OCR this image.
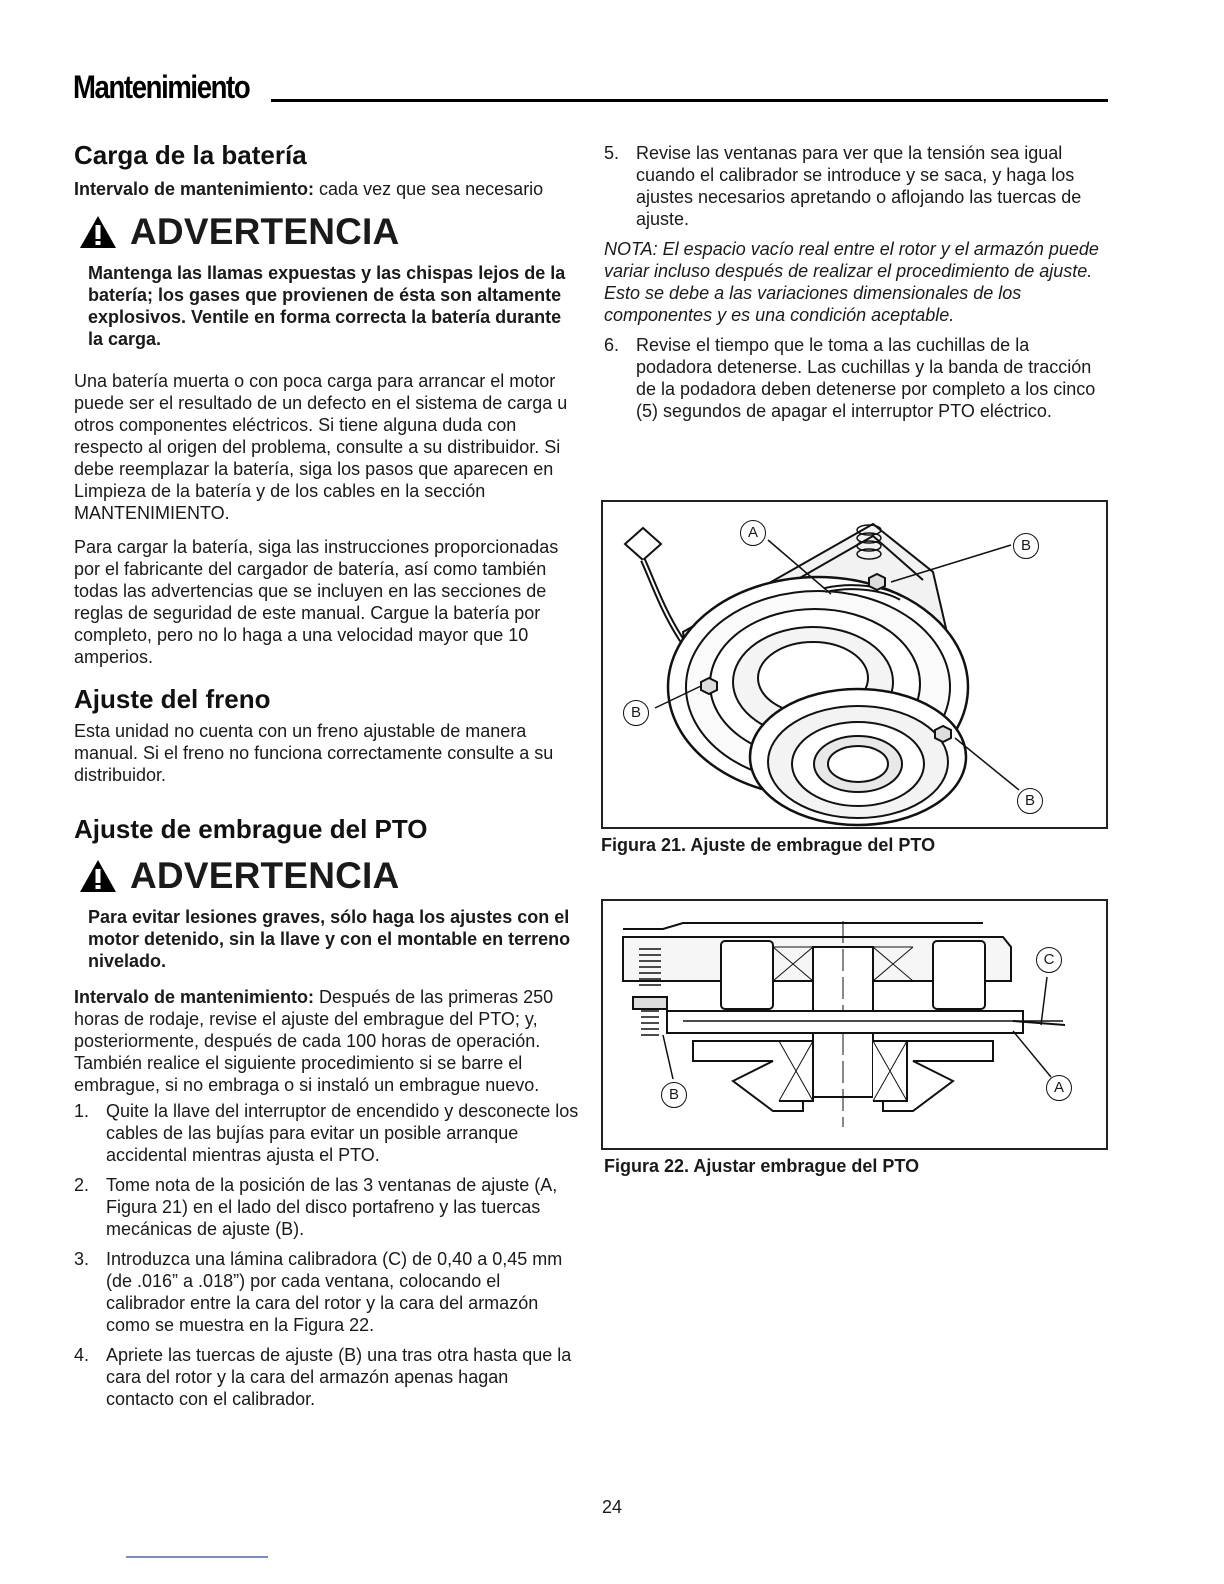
Mantenimiento
Carga de la batería

Intervalo de mantenimiento: cada vez que sea necesario

ADVERTENCIA

Mantenga las llamas expuestas y las chispas lejos de la batería; los gases que provienen de ésta son altamente explosivos. Ventile en forma correcta la batería durante la carga.

Una batería muerta o con poca carga para arrancar el motor puede ser el resultado de un defecto en el sistema de carga u otros componentes eléctricos. Si tiene alguna duda con respecto al origen del problema, consulte a su distribuidor. Si debe reemplazar la batería, siga los pasos que aparecen en Limpieza de la batería y de los cables en la sección MANTENIMIENTO.

Para cargar la batería, siga las instrucciones proporcionadas por el fabricante del cargador de batería, así como también todas las advertencias que se incluyen en las secciones de reglas de seguridad de este manual. Cargue la batería por completo, pero no lo haga a una velocidad mayor que 10 amperios.

Ajuste del freno

Esta unidad no cuenta con un freno ajustable de manera manual. Si el freno no funciona correctamente consulte a su distribuidor.

Ajuste de embrague del PTO
ADVERTENCIA

Para evitar lesiones graves, sólo haga los ajustes con el motor detenido, sin la llave y con el montable en terreno nivelado.

Intervalo de mantenimiento: Después de las primeras 250 horas de rodaje, revise el ajuste del embrague del PTO; y, posteriormente, después de cada 100 horas de operación. También realice el siguiente procedimiento si se barre el embrague, si no embraga o si instaló un embrague nuevo.

1. Quite la llave del interruptor de encendido y desconecte los cables de las bujías para evitar un posible arranque accidental mientras ajusta el PTO.
2. Tome nota de la posición de las 3 ventanas de ajuste (A, Figura 21) en el lado del disco portafreno y las tuercas mecánicas de ajuste (B).
3. Introduzca una lámina calibradora (C) de 0,40 a 0,45 mm (de .016” a .018”) por cada ventana, colocando el calibrador entre la cara del rotor y la cara del armazón como se muestra en la Figura 22.
4. Apriete las tuercas de ajuste (B) una tras otra hasta que la cara del rotor y la cara del armazón apenas hagan contacto con el calibrador.
5. Revise las ventanas para ver que la tensión sea igual cuando el calibrador se introduce y se saca, y haga los ajustes necesarios apretando o aflojando las tuercas de ajuste.

NOTA: El espacio vacío real entre el rotor y el armazón puede variar incluso después de realizar el procedimiento de ajuste. Esto se debe a las variaciones dimensionales de los componentes y es una condición aceptable.

6. Revise el tiempo que le toma a las cuchillas de la podadora detenerse. Las cuchillas y la banda de tracción de la podadora deben detenerse por completo a los cinco (5) segundos de apagar el interruptor PTO eléctrico.
A
B
B
B
Figura 21. Ajuste de embrague del PTO
C
B	A
Figura 22. Ajustar embrague del PTO
24
